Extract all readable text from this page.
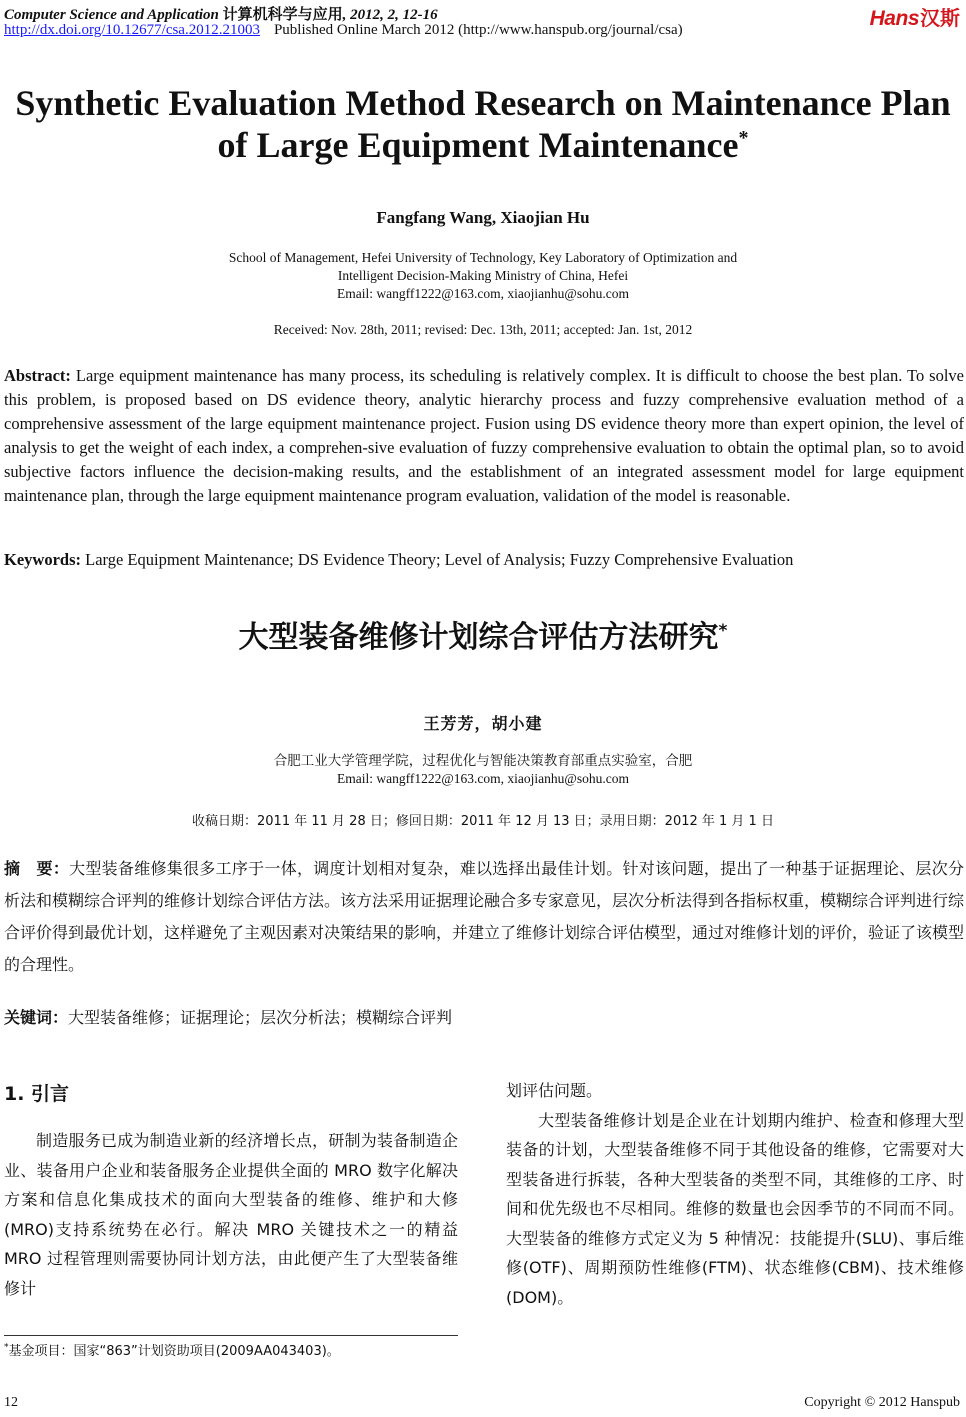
Computer Science and Application 计算机科学与应用, 2012, 2, 12-16
http://dx.doi.org/10.12677/csa.2012.21003 Published Online March 2012 (http://www.hanspub.org/journal/csa)	Hans 汉斯
Synthetic Evaluation Method Research on Maintenance Plan
of Large Equipment Maintenance*
Fangfang Wang, Xiaojian Hu
School of Management, Hefei University of Technology, Key Laboratory of Optimization and
Intelligent Decision-Making Ministry of China, Hefei
Email: wangff1222@163.com, xiaojianhu@sohu.com
Received: Nov. 28th, 2011; revised: Dec. 13th, 2011; accepted: Jan. 1st, 2012
Abstract: Large equipment maintenance has many process, its scheduling is relatively complex. It is difficult to choose the best plan. To solve this problem, is proposed based on DS evidence theory, analytic hierarchy process and fuzzy comprehensive evaluation method of a comprehensive assessment of the large equipment maintenance project. Fusion using DS evidence theory more than expert opinion, the level of analysis to get the weight of each index, a comprehen-sive evaluation of fuzzy comprehensive evaluation to obtain the optimal plan, so to avoid subjective factors influence the decision-making results, and the establishment of an integrated assessment model for large equipment maintenance plan, through the large equipment maintenance program evaluation, validation of the model is reasonable.
Keywords: Large Equipment Maintenance; DS Evidence Theory; Level of Analysis; Fuzzy Comprehensive Evaluation
大型装备维修计划综合评估方法研究*
王芳芳，胡小建
合肥工业大学管理学院，过程优化与智能决策教育部重点实验室，合肥
Email: wangff1222@163.com, xiaojianhu@sohu.com
收稿日期：2011 年 11 月 28 日；修回日期：2011 年 12 月 13 日；录用日期：2012 年 1 月 1 日
摘　要：大型装备维修集很多工序于一体，调度计划相对复杂，难以选择出最佳计划。针对该问题，提出了一种基于证据理论、层次分析法和模糊综合评判的维修计划综合评估方法。该方法采用证据理论融合多专家意见，层次分析法得到各指标权重，模糊综合评判进行综合评价得到最优计划，这样避免了主观因素对决策结果的影响，并建立了维修计划综合评估模型，通过对维修计划的评价，验证了该模型的合理性。
关键词：大型装备维修；证据理论；层次分析法；模糊综合评判
1. 引言

制造服务已成为制造业新的经济增长点，研制为装备制造企业、装备用户企业和装备服务企业提供全面的 MRO 数字化解决方案和信息化集成技术的面向大型装备的维修、维护和大修(MRO)支持系统势在必行。解决 MRO 关键技术之一的精益 MRO 过程管理则需要协同计划方法，由此便产生了大型装备维修计

划评估问题。

大型装备维修计划是企业在计划期内维护、检查和修理大型装备的计划，大型装备维修不同于其他设备的维修，它需要对大型装备进行拆装，各种大型装备的类型不同，其维修的工序、时间和优先级也不尽相同。维修的数量也会因季节的不同而不同。大型装备的维修方式定义为 5 种情况：技能提升(SLU)、事后维修(OTF)、周期预防性维修(FTM)、状态维修(CBM)、技术维修(DOM)。

*基金项目：国家“863”计划资助项目(2009AA043403)。
12	Copyright © 2012 Hanspub
